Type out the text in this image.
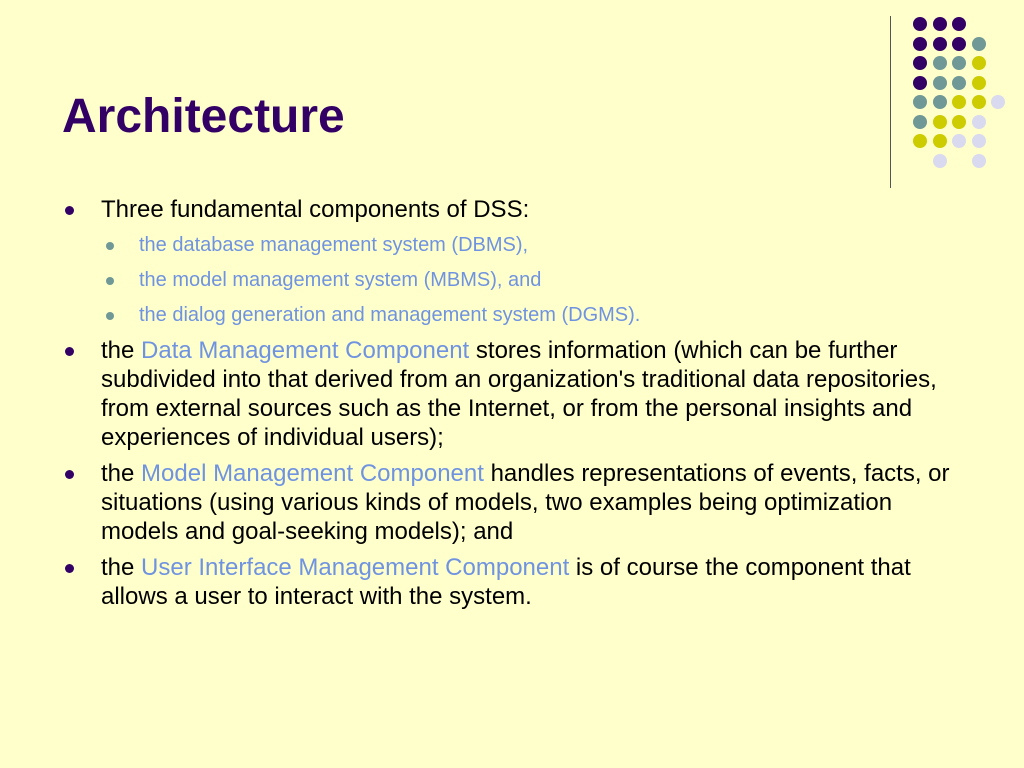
Architecture
Three fundamental components of DSS:
the database management system (DBMS),
the model management system (MBMS), and
the dialog generation and management system (DGMS).
the Data Management Component stores information (which can be further subdivided into that derived from an organization's traditional data repositories, from external sources such as the Internet, or from the personal insights and experiences of individual users);
the Model Management Component handles representations of events, facts, or situations (using various kinds of models, two examples being optimization models and goal-seeking models); and
the User Interface Management Component is of course the component that allows a user to interact with the system.
